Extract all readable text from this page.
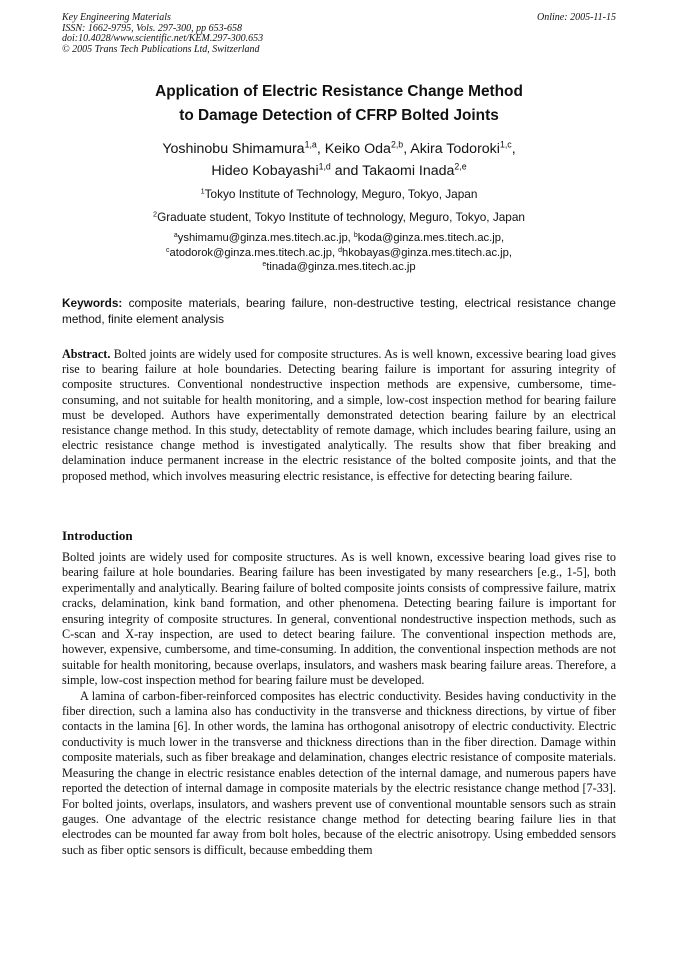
Key Engineering Materials
ISSN: 1662-9795, Vols. 297-300, pp 653-658
doi:10.4028/www.scientific.net/KEM.297-300.653
© 2005 Trans Tech Publications Ltd, Switzerland
Online: 2005-11-15
Application of Electric Resistance Change Method
to Damage Detection of CFRP Bolted Joints
Yoshinobu Shimamura$^{1,a}$, Keiko Oda$^{2,b}$, Akira Todoroki$^{1,c}$,
Hideo Kobayashi$^{1,d}$ and Takaomi Inada$^{2,e}$
$^1$Tokyo Institute of Technology, Meguro, Tokyo, Japan
$^2$Graduate student, Tokyo Institute of technology, Meguro, Tokyo, Japan
$^a$yshimamu@ginza.mes.titech.ac.jp, $^b$koda@ginza.mes.titech.ac.jp,
$^c$atodorok@ginza.mes.titech.ac.jp, $^d$hkobayas@ginza.mes.titech.ac.jp,
$^e$tinada@ginza.mes.titech.ac.jp
Keywords: composite materials, bearing failure, non-destructive testing, electrical resistance change method, finite element analysis
Abstract. Bolted joints are widely used for composite structures. As is well known, excessive bearing load gives rise to bearing failure at hole boundaries. Detecting bearing failure is important for assuring integrity of composite structures. Conventional nondestructive inspection methods are expensive, cumbersome, time-consuming, and not suitable for health monitoring, and a simple, low-cost inspection method for bearing failure must be developed. Authors have experimentally demonstrated detection bearing failure by an electrical resistance change method. In this study, detectablity of remote damage, which includes bearing failure, using an electric resistance change method is investigated analytically. The results show that fiber breaking and delamination induce permanent increase in the electric resistance of the bolted composite joints, and that the proposed method, which involves measuring electric resistance, is effective for detecting bearing failure.
Introduction

Bolted joints are widely used for composite structures. As is well known, excessive bearing load gives rise to bearing failure at hole boundaries. Bearing failure has been investigated by many researchers [e.g., 1-5], both experimentally and analytically. Bearing failure of bolted composite joints consists of compressive failure, matrix cracks, delamination, kink band formation, and other phenomena. Detecting bearing failure is important for ensuring integrity of composite structures. In general, conventional nondestructive inspection methods, such as C-scan and X-ray inspection, are used to detect bearing failure. The conventional inspection methods are, however, expensive, cumbersome, and time-consuming. In addition, the conventional inspection methods are not suitable for health monitoring, because overlaps, insulators, and washers mask bearing failure areas. Therefore, a simple, low-cost inspection method for bearing failure must be developed.

A lamina of carbon-fiber-reinforced composites has electric conductivity. Besides having conductivity in the fiber direction, such a lamina also has conductivity in the transverse and thickness directions, by virtue of fiber contacts in the lamina [6]. In other words, the lamina has orthogonal anisotropy of electric conductivity. Electric conductivity is much lower in the transverse and thickness directions than in the fiber direction. Damage within composite materials, such as fiber breakage and delamination, changes electric resistance of composite materials. Measuring the change in electric resistance enables detection of the internal damage, and numerous papers have reported the detection of internal damage in composite materials by the electric resistance change method [7-33]. For bolted joints, overlaps, insulators, and washers prevent use of conventional mountable sensors such as strain gauges. One advantage of the electric resistance change method for detecting bearing failure lies in that electrodes can be mounted far away from bolt holes, because of the electric anisotropy. Using embedded sensors such as fiber optic sensors is difficult, because embedding them
